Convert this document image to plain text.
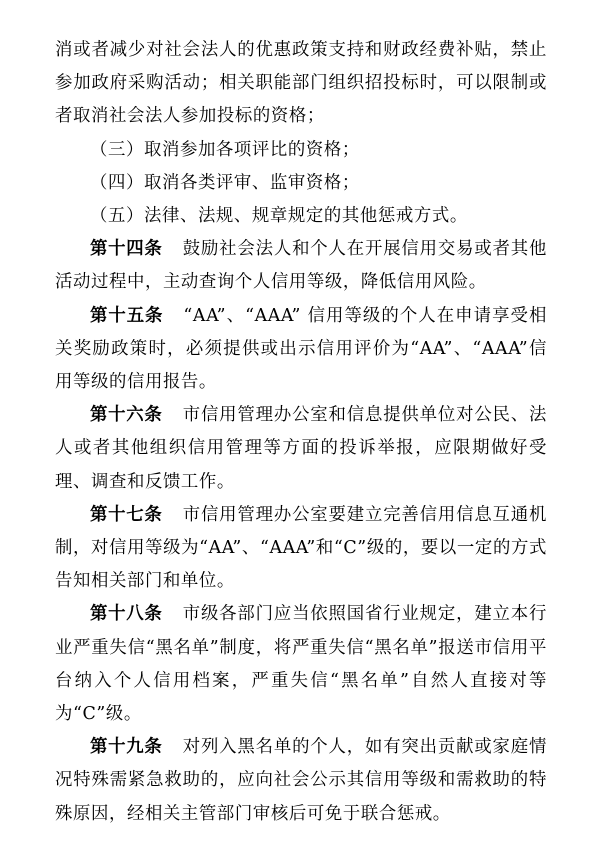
消或者减少对社会法人的优惠政策支持和财政经费补贴，禁止参加政府采购活动；相关职能部门组织招投标时，可以限制或者取消社会法人参加投标的资格；

（三）取消参加各项评比的资格；

（四）取消各类评审、监审资格；

（五）法律、法规、规章规定的其他惩戒方式。

第十四条 鼓励社会法人和个人在开展信用交易或者其他活动过程中，主动查询个人信用等级，降低信用风险。

第十五条 “AA”、“AAA” 信用等级的个人在申请享受相关奖励政策时，必须提供或出示信用评价为“AA”、“AAA”信用等级的信用报告。

第十六条 市信用管理办公室和信息提供单位对公民、法人或者其他组织信用管理等方面的投诉举报，应限期做好受理、调查和反馈工作。

第十七条 市信用管理办公室要建立完善信用信息互通机制，对信用等级为“AA”、“AAA”和“C”级的，要以一定的方式告知相关部门和单位。

第十八条 市级各部门应当依照国省行业规定，建立本行业严重失信“黑名单”制度，将严重失信“黑名单”报送市信用平台纳入个人信用档案，严重失信“黑名单”自然人直接对等为“C”级。

第十九条 对列入黑名单的个人，如有突出贡献或家庭情况特殊需紧急救助的，应向社会公示其信用等级和需救助的特殊原因，经相关主管部门审核后可免于联合惩戒。
